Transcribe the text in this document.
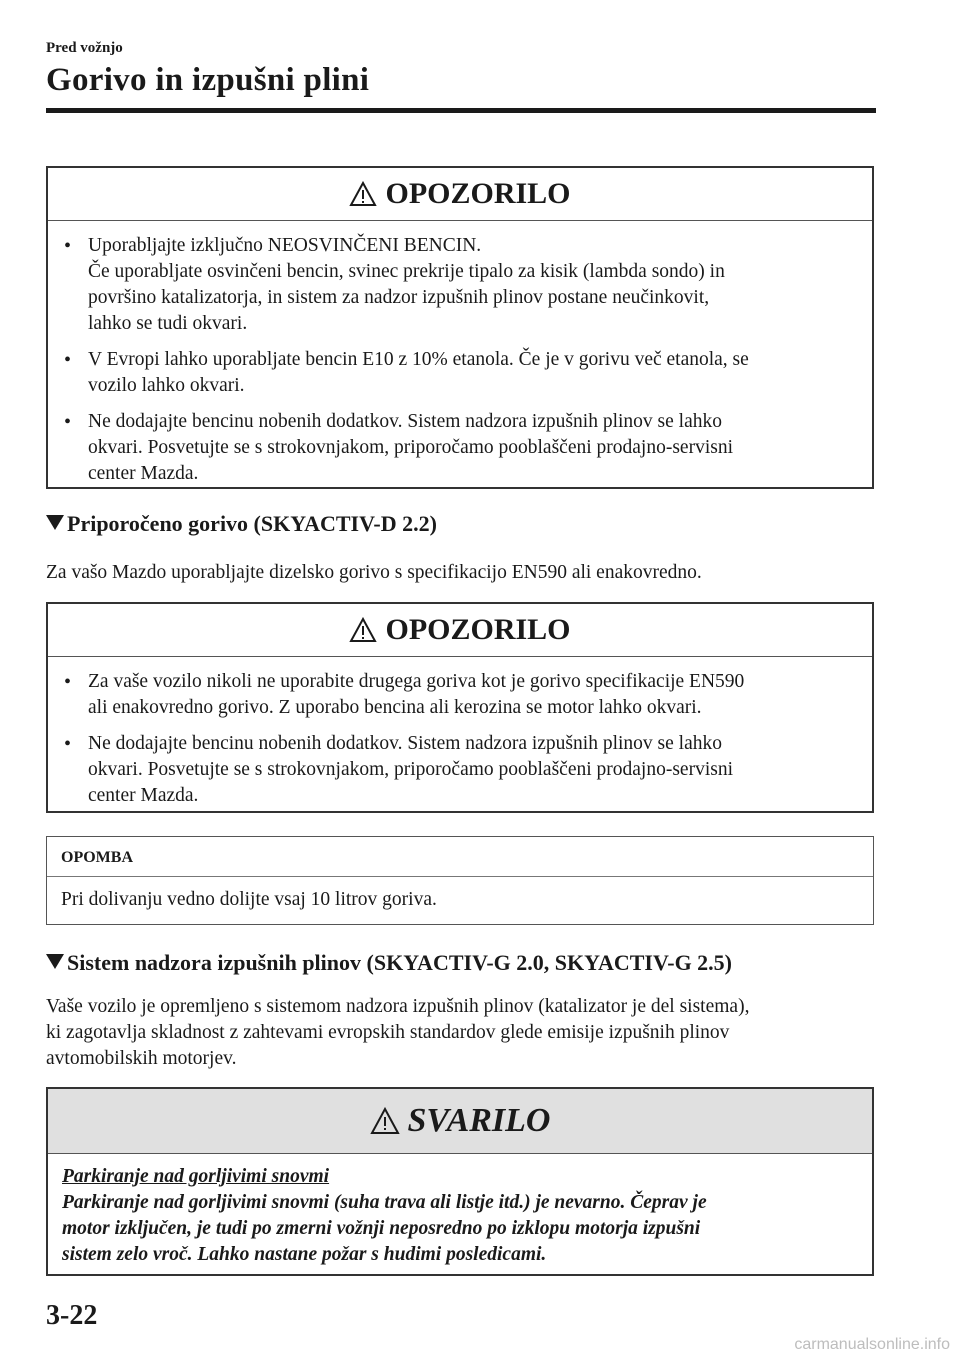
Pred vožnjo
Gorivo in izpušni plini
OPOZORILO
• Uporabljajte izključno NEOSVINČENI BENCIN.
Če uporabljate osvinčeni bencin, svinec prekrije tipalo za kisik (lambda sondo) in
površino katalizatorja, in sistem za nadzor izpušnih plinov postane neučinkovit,
lahko se tudi okvari.
• V Evropi lahko uporabljate bencin E10 z 10% etanola. Če je v gorivu več etanola, se
vozilo lahko okvari.
• Ne dodajajte bencinu nobenih dodatkov. Sistem nadzora izpušnih plinov se lahko
okvari. Posvetujte se s strokovnjakom, priporočamo pooblaščeni prodajno-servisni
center Mazda.
Priporočeno gorivo (SKYACTIV-D 2.2)
Za vašo Mazdo uporabljajte dizelsko gorivo s specifikacijo EN590 ali enakovredno.
OPOZORILO
• Za vaše vozilo nikoli ne uporabite drugega goriva kot je gorivo specifikacije EN590
ali enakovredno gorivo. Z uporabo bencina ali kerozina se motor lahko okvari.
• Ne dodajajte bencinu nobenih dodatkov. Sistem nadzora izpušnih plinov se lahko
okvari. Posvetujte se s strokovnjakom, priporočamo pooblaščeni prodajno-servisni
center Mazda.
OPOMBA
Pri dolivanju vedno dolijte vsaj 10 litrov goriva.
Sistem nadzora izpušnih plinov (SKYACTIV-G 2.0, SKYACTIV-G 2.5)
Vaše vozilo je opremljeno s sistemom nadzora izpušnih plinov (katalizator je del sistema),
ki zagotavlja skladnost z zahtevami evropskih standardov glede emisije izpušnih plinov
avtomobilskih motorjev.
SVARILO
Parkiranje nad gorljivimi snovmi
Parkiranje nad gorljivimi snovmi (suha trava ali listje itd.) je nevarno. Čeprav je
motor izključen, je tudi po zmerni vožnji neposredno po izklopu motorja izpušni
sistem zelo vroč. Lahko nastane požar s hudimi posledicami.
3-22
carmanualsonline.info
